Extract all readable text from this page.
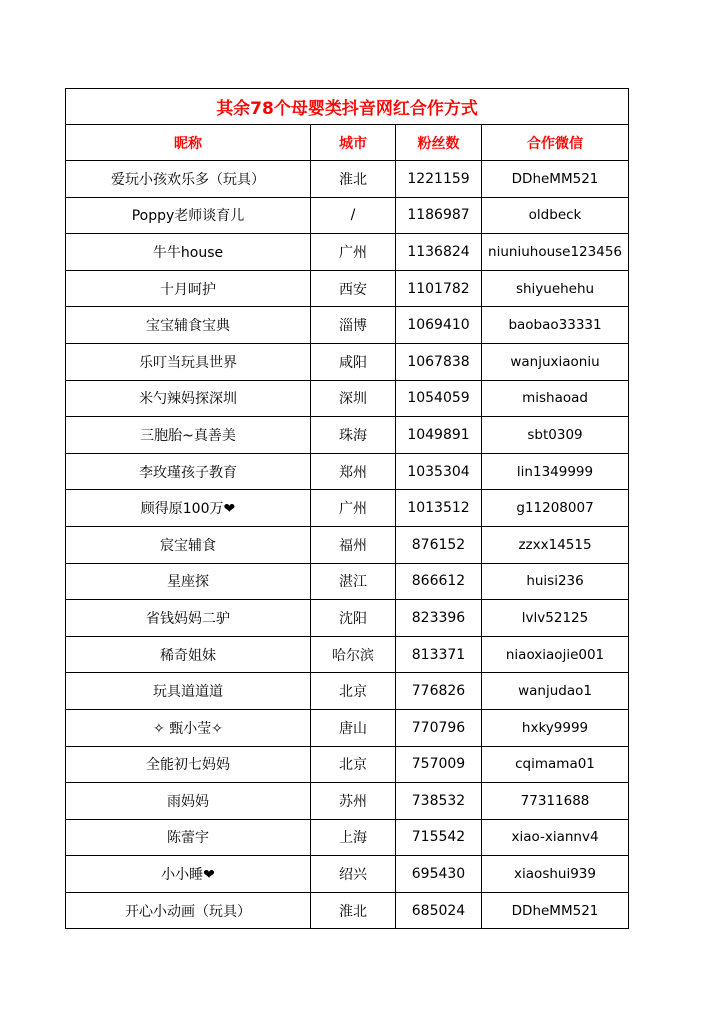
其余78个母婴类抖音网红合作方式			
昵称	城市	粉丝数	合作微信
爱玩小孩欢乐多（玩具）	淮北	1221159	DDheMM521
Poppy老师谈育儿	/	1186987	oldbeck
牛牛house	广州	1136824	niuniuhouse123456
十月呵护	西安	1101782	shiyuehehu
宝宝辅食宝典	淄博	1069410	baobao33331
乐叮当玩具世界	咸阳	1067838	wanjuxiaoniu
米勺辣妈探深圳	深圳	1054059	mishaoad
三胞胎~真善美	珠海	1049891	sbt0309
李玫瑾孩子教育	郑州	1035304	lin1349999
顾得原100万❤	广州	1013512	g11208007
宸宝辅食	福州	876152	zzxx14515
星座探	湛江	866612	huisi236
省钱妈妈二驴	沈阳	823396	lvlv52125
稀奇姐妹	哈尔滨	813371	niaoxiaojie001
玩具道道道	北京	776826	wanjudao1
✧ 甄小莹✧	唐山	770796	hxky9999
全能初七妈妈	北京	757009	cqimama01
雨妈妈	苏州	738532	77311688
陈蕾宇	上海	715542	xiao-xiannv4
小小睡❤	绍兴	695430	xiaoshui939
开心小动画（玩具）	淮北	685024	DDheMM521
